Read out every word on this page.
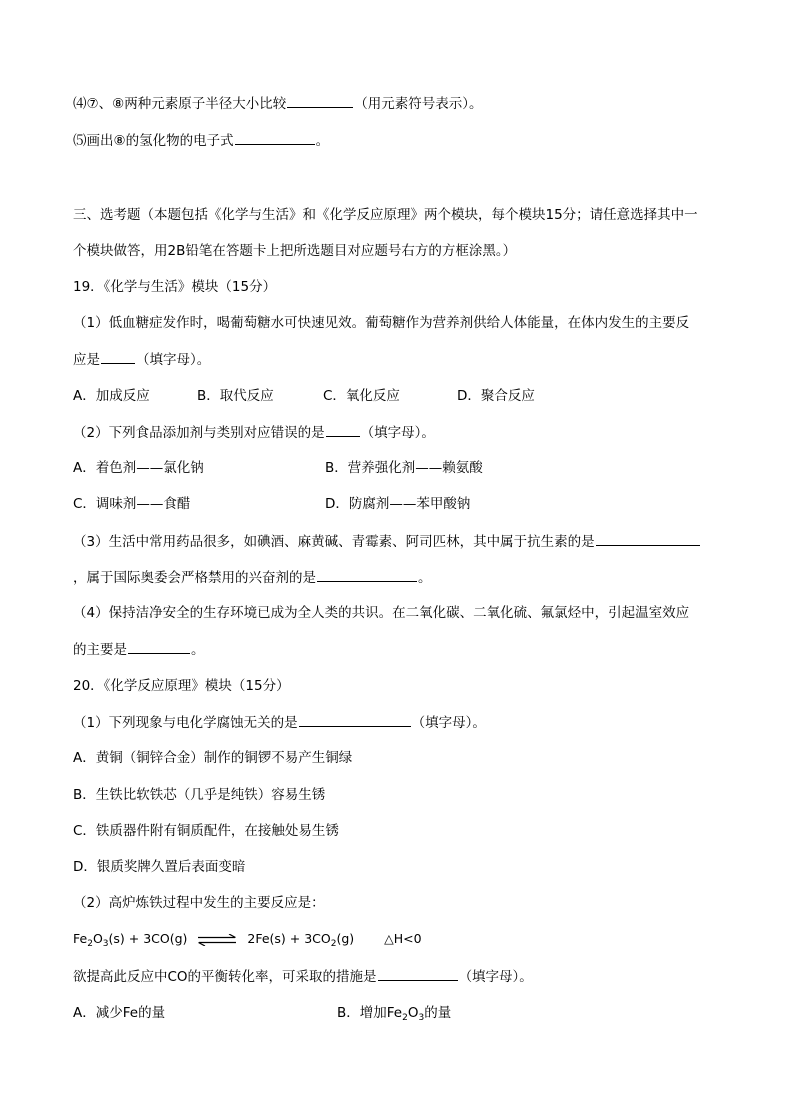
⑷⑦、⑧两种元素原子半径大小比较	（用元素符号表示）。
⑸画出⑧的氢化物的电子式	。
三、选考题（本题包括《化学与生活》和《化学反应原理》两个模块，每个模块15分；请任意选择其中一
个模块做答，用2B铅笔在答题卡上把所选题目对应题号右方的方框涂黑。）
19．《化学与生活》模块（15分）
（1）低血糖症发作时，喝葡萄糖水可快速见效。葡萄糖作为营养剂供给人体能量，在体内发生的主要反
应是	（填字母）。
A．加成反应	B．取代反应	C．氧化反应	D．聚合反应
（2）下列食品添加剂与类别对应错误的是	（填字母）。
A．着色剂——氯化钠	B．营养强化剂——赖氨酸
C．调味剂——食醋	D．防腐剂——苯甲酸钠
（3）生活中常用药品很多，如碘酒、麻黄碱、青霉素、阿司匹林，其中属于抗生素的是
，属于国际奥委会严格禁用的兴奋剂的是	。
（4）保持洁净安全的生存环境已成为全人类的共识。在二氧化碳、二氧化硫、氟氯烃中，引起温室效应
的主要是	。
20．《化学反应原理》模块（15分）
（1）下列现象与电化学腐蚀无关的是	（填字母）。
A．黄铜（铜锌合金）制作的铜锣不易产生铜绿
B．生铁比软铁芯（几乎是纯铁）容易生锈
C．铁质器件附有铜质配件，在接触处易生锈
D．银质奖牌久置后表面变暗
（2）高炉炼铁过程中发生的主要反应是：
$Fe_2O_3(s) + 3CO(g)$ ⇌ $2Fe(s) + 3CO_2(g)$ △H<0
欲提高此反应中CO的平衡转化率，可采取的措施是	（填字母）。
A．减少Fe的量	B．增加$Fe_2O_3$的量
